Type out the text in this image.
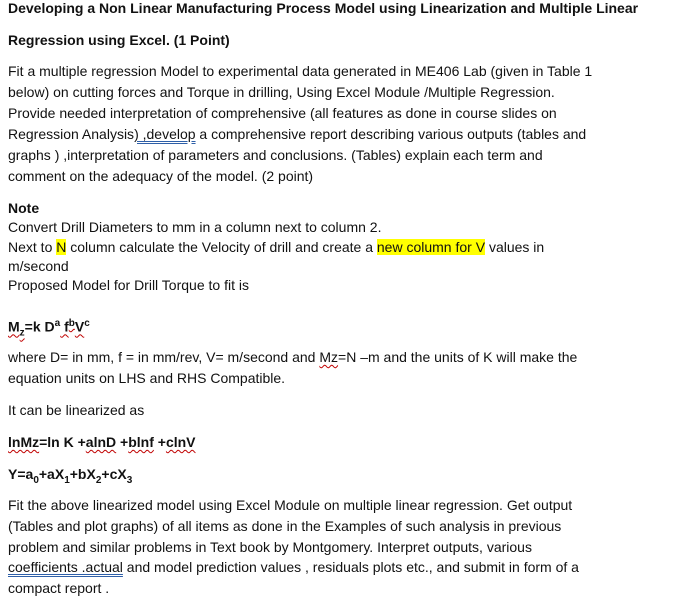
Developing a Non Linear Manufacturing Process Model using Linearization and Multiple Linear
Regression using Excel. (1 Point)
Fit a multiple regression Model to experimental data generated in ME406 Lab (given in Table 1
below) on cutting forces and Torque in drilling, Using Excel Module /Multiple Regression.
Provide needed interpretation of comprehensive (all features as done in course slides on
Regression Analysis) ,develop a comprehensive report describing various outputs (tables and
graphs ) ,interpretation of parameters and conclusions. (Tables) explain each term and
comment on the adequacy of the model. (2 point)
Note
Convert Drill Diameters to mm in a column next to column 2.
Next to N column calculate the Velocity of drill and create a new column for V values in
m/second
Proposed Model for Drill Torque to fit is
$M_z=k$ $D^a$ $f^bV^c$
where D= in mm, f = in mm/rev, V= m/second and Mz=N –m and the units of K will make the
equation units on LHS and RHS Compatible.
It can be linearized as
lnMz=ln K +alnD +blnf +clnV
$Y=a_0+aX_1+bX_2+cX_3$
Fit the above linearized model using Excel Module on multiple linear regression. Get output
(Tables and plot graphs) of all items as done in the Examples of such analysis in previous
problem and similar problems in Text book by Montgomery. Interpret outputs, various
coefficients .actual and model prediction values , residuals plots etc., and submit in form of a
compact report .
